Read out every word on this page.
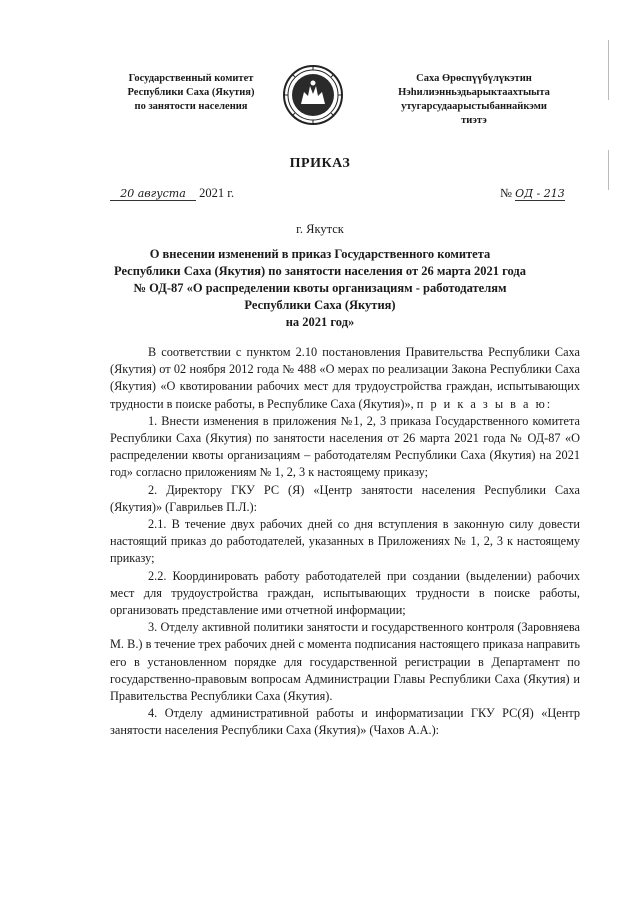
Государственный комитет
Республики Саха (Якутия)
по занятости населения
Саха Өрөспүүбүлүкэтин
Нэһилиэнньэдьарыктаахтыыта
утугарсудаарыстыбаннайкэми
тиэтэ
ПРИКАЗ
20 августа 2021 г.	№ ОД - 213
г. Якутск
О внесении изменений в приказ Государственного комитета
Республики Саха (Якутия) по занятости населения от 26 марта 2021 года
№ ОД-87 «О распределении квоты организациям - работодателям
Республики Саха (Якутия)
на 2021 год»

В соответствии с пунктом 2.10 постановления Правительства Республики Саха (Якутия) от 02 ноября 2012 года № 488 «О мерах по реализации Закона Республики Саха (Якутия) «О квотировании рабочих мест для трудоустройства граждан, испытывающих трудности в поиске работы, в Республике Саха (Якутия)», п р и к а з ы в а ю:

1. Внести изменения в приложения №1, 2, 3 приказа Государственного комитета Республики Саха (Якутия) по занятости населения от 26 марта 2021 года № ОД-87 «О распределении квоты организациям – работодателям Республики Саха (Якутия) на 2021 год» согласно приложениям № 1, 2, 3 к настоящему приказу;

2. Директору ГКУ РС (Я) «Центр занятости населения Республики Саха (Якутия)» (Гаврильев П.Л.):

2.1. В течение двух рабочих дней со дня вступления в законную силу довести настоящий приказ до работодателей, указанных в Приложениях № 1, 2, 3 к настоящему приказу;

2.2. Координировать работу работодателей при создании (выделении) рабочих мест для трудоустройства граждан, испытывающих трудности в поиске работы, организовать представление ими отчетной информации;

3. Отделу активной политики занятости и государственного контроля (Заровняева М. В.) в течение трех рабочих дней с момента подписания настоящего приказа направить его в установленном порядке для государственной регистрации в Департамент по государственно-правовым вопросам Администрации Главы Республики Саха (Якутия) и Правительства Республики Саха (Якутия).

4. Отделу административной работы и информатизации ГКУ РС(Я) «Центр занятости населения Республики Саха (Якутия)» (Чахов А.А.):
